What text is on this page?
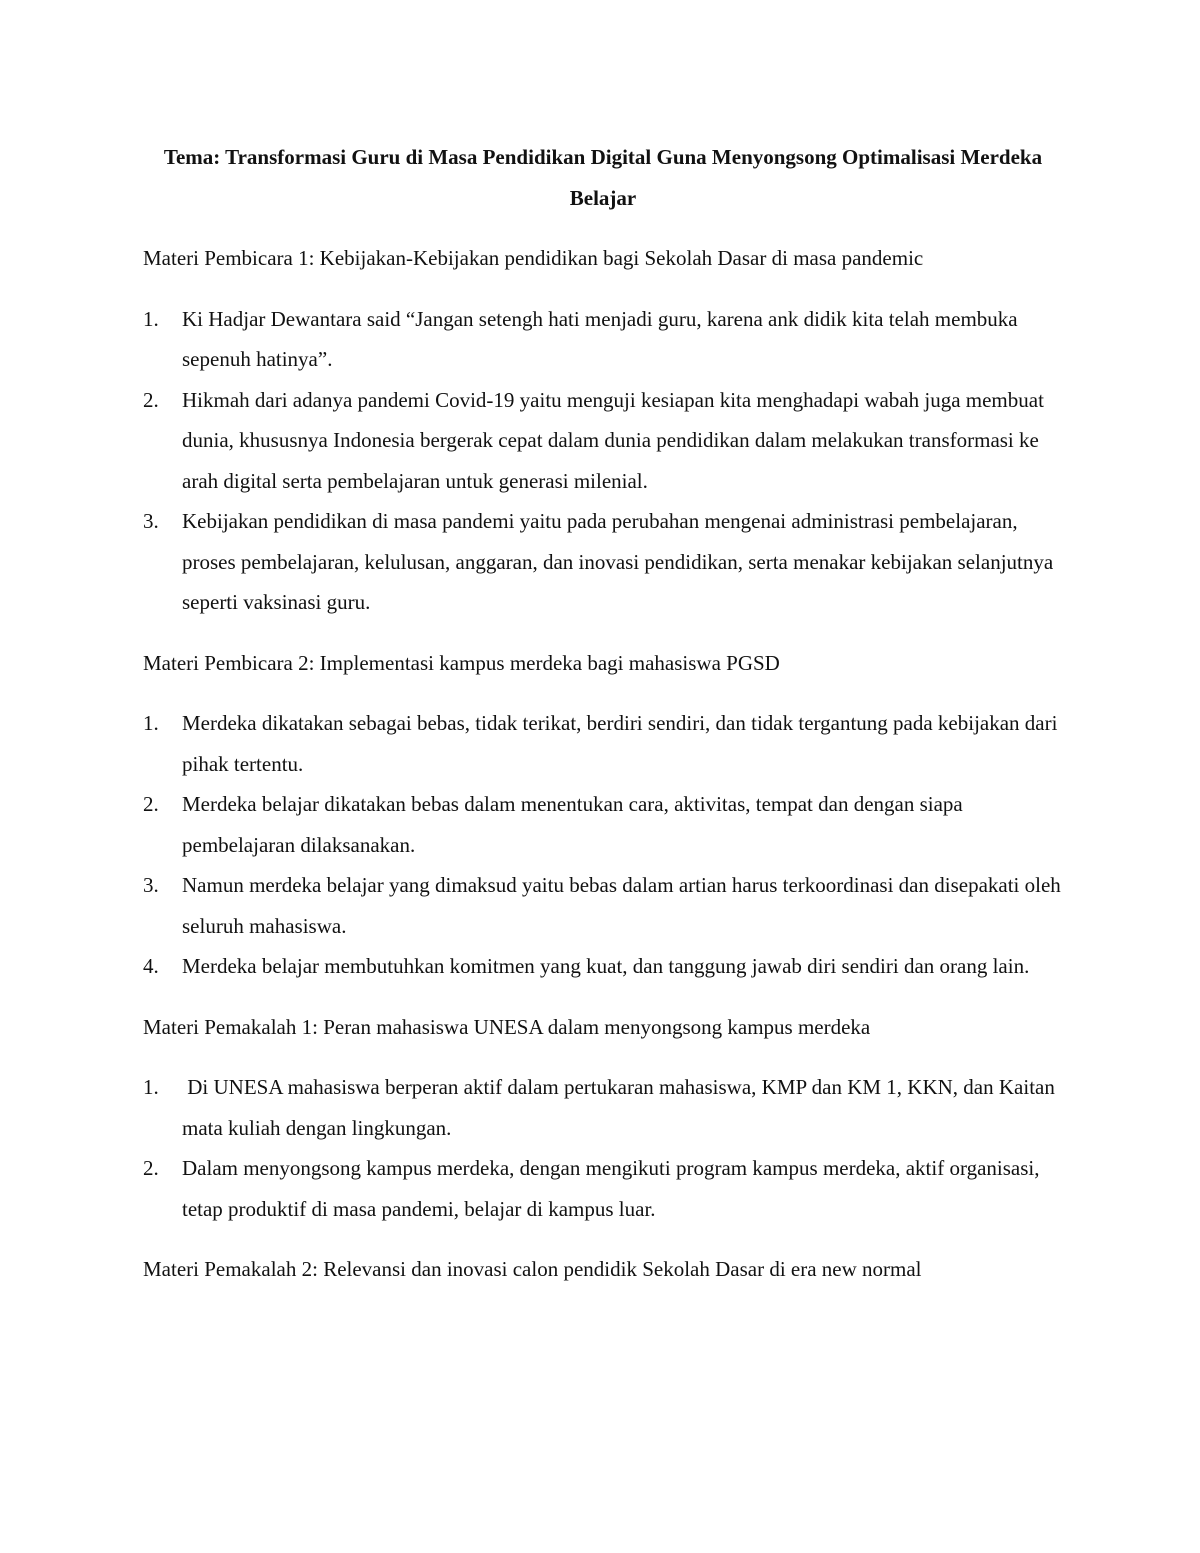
Tema: Transformasi Guru di Masa Pendidikan Digital Guna Menyongsong Optimalisasi Merdeka Belajar

Materi Pembicara 1: Kebijakan-Kebijakan pendidikan bagi Sekolah Dasar di masa pandemic

1. Ki Hadjar Dewantara said “Jangan setengh hati menjadi guru, karena ank didik kita telah membuka sepenuh hatinya”.
2. Hikmah dari adanya pandemi Covid-19 yaitu menguji kesiapan kita menghadapi wabah juga membuat dunia, khususnya Indonesia bergerak cepat dalam dunia pendidikan dalam melakukan transformasi ke arah digital serta pembelajaran untuk generasi milenial.
3. Kebijakan pendidikan di masa pandemi yaitu pada perubahan mengenai administrasi pembelajaran, proses pembelajaran, kelulusan, anggaran, dan inovasi pendidikan, serta menakar kebijakan selanjutnya seperti vaksinasi guru.

Materi Pembicara 2: Implementasi kampus merdeka bagi mahasiswa PGSD

1. Merdeka dikatakan sebagai bebas, tidak terikat, berdiri sendiri, dan tidak tergantung pada kebijakan dari pihak tertentu.
2. Merdeka belajar dikatakan bebas dalam menentukan cara, aktivitas, tempat dan dengan siapa pembelajaran dilaksanakan.
3. Namun merdeka belajar yang dimaksud yaitu bebas dalam artian harus terkoordinasi dan disepakati oleh seluruh mahasiswa.
4. Merdeka belajar membutuhkan komitmen yang kuat, dan tanggung jawab diri sendiri dan orang lain.

Materi Pemakalah 1: Peran mahasiswa UNESA dalam menyongsong kampus merdeka

1. Di UNESA mahasiswa berperan aktif dalam pertukaran mahasiswa, KMP dan KM 1, KKN, dan Kaitan mata kuliah dengan lingkungan.
2. Dalam menyongsong kampus merdeka, dengan mengikuti program kampus merdeka, aktif organisasi, tetap produktif di masa pandemi, belajar di kampus luar.

Materi Pemakalah 2: Relevansi dan inovasi calon pendidik Sekolah Dasar di era new normal
